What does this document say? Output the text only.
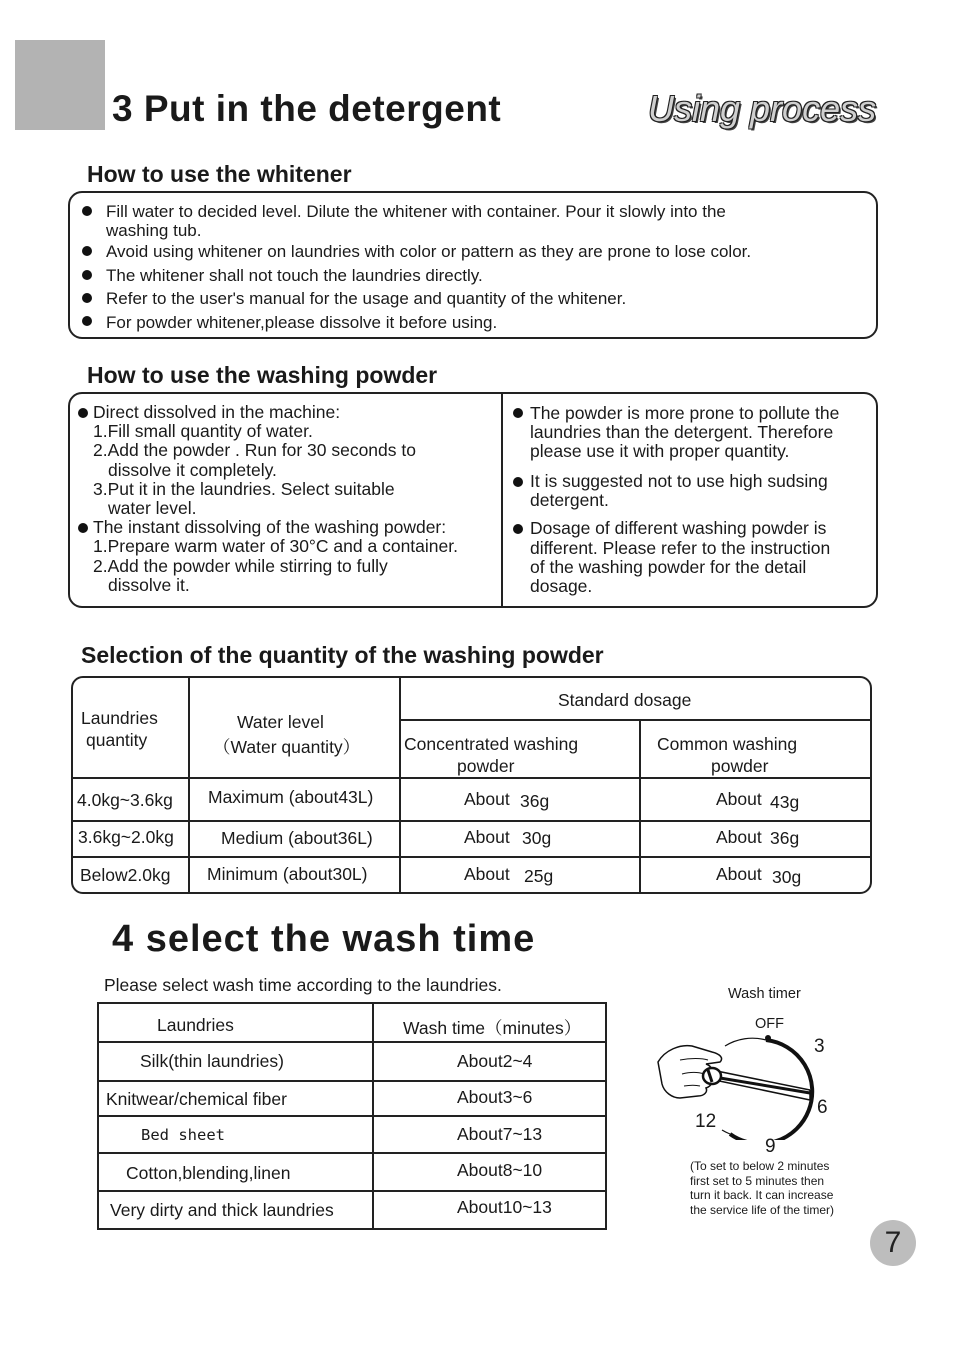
3 Put in the detergent	Using process
How to use the whitener
Fill water to decided level. Dilute the whitener with container. Pour it slowly into the
washing tub.
Avoid using whitener on laundries with color or pattern as they are prone to lose color.
The whitener shall not touch the laundries directly.
Refer to the user's manual for the usage and quantity of the whitener.
For powder whitener,please dissolve it before using.
How to use the washing powder
Direct dissolved in the machine:
1.Fill small quantity of water.
2.Add the powder . Run for 30 seconds to
dissolve it completely.
3.Put it in the laundries. Select suitable
water level.
The instant dissolving of the washing powder:
1.Prepare warm water of 30°C and a container.
2.Add the powder while stirring to fully
dissolve it.
The powder is more prone to pollute the
laundries than the detergent. Therefore
please use it with proper quantity.
It is suggested not to use high sudsing
detergent.
Dosage of different washing powder is
different. Please refer to the instruction
of the washing powder for the detail
dosage.
Selection of the quantity of the washing powder
Laundries
quantity
Water level
（Water quantity）
Standard dosage
Concentrated washing
powder
Common washing
powder
4.0kg~3.6kg Maximum (about43L)	About 36g	About 43g
3.6kg~2.0kg	Medium (about36L)	About 30g	About 36g
Below2.0kg Minimum (about30L)	About 25g	About 30g
4 select the wash time
Please select wash time according to the laundries.
Laundries	Wash time（minutes）
Silk(thin laundries)	About2~4
Knitwear/chemical fiber	About3~6
Bed sheet	About7~13
Cotton,blending,linen	About8~10
Very dirty and thick laundries	About10~13
Wash timer
OFF
3
6
9
12
(To set to below 2 minutes
first set to 5 minutes then
turn it back. It can increase
the service life of the timer)
7
